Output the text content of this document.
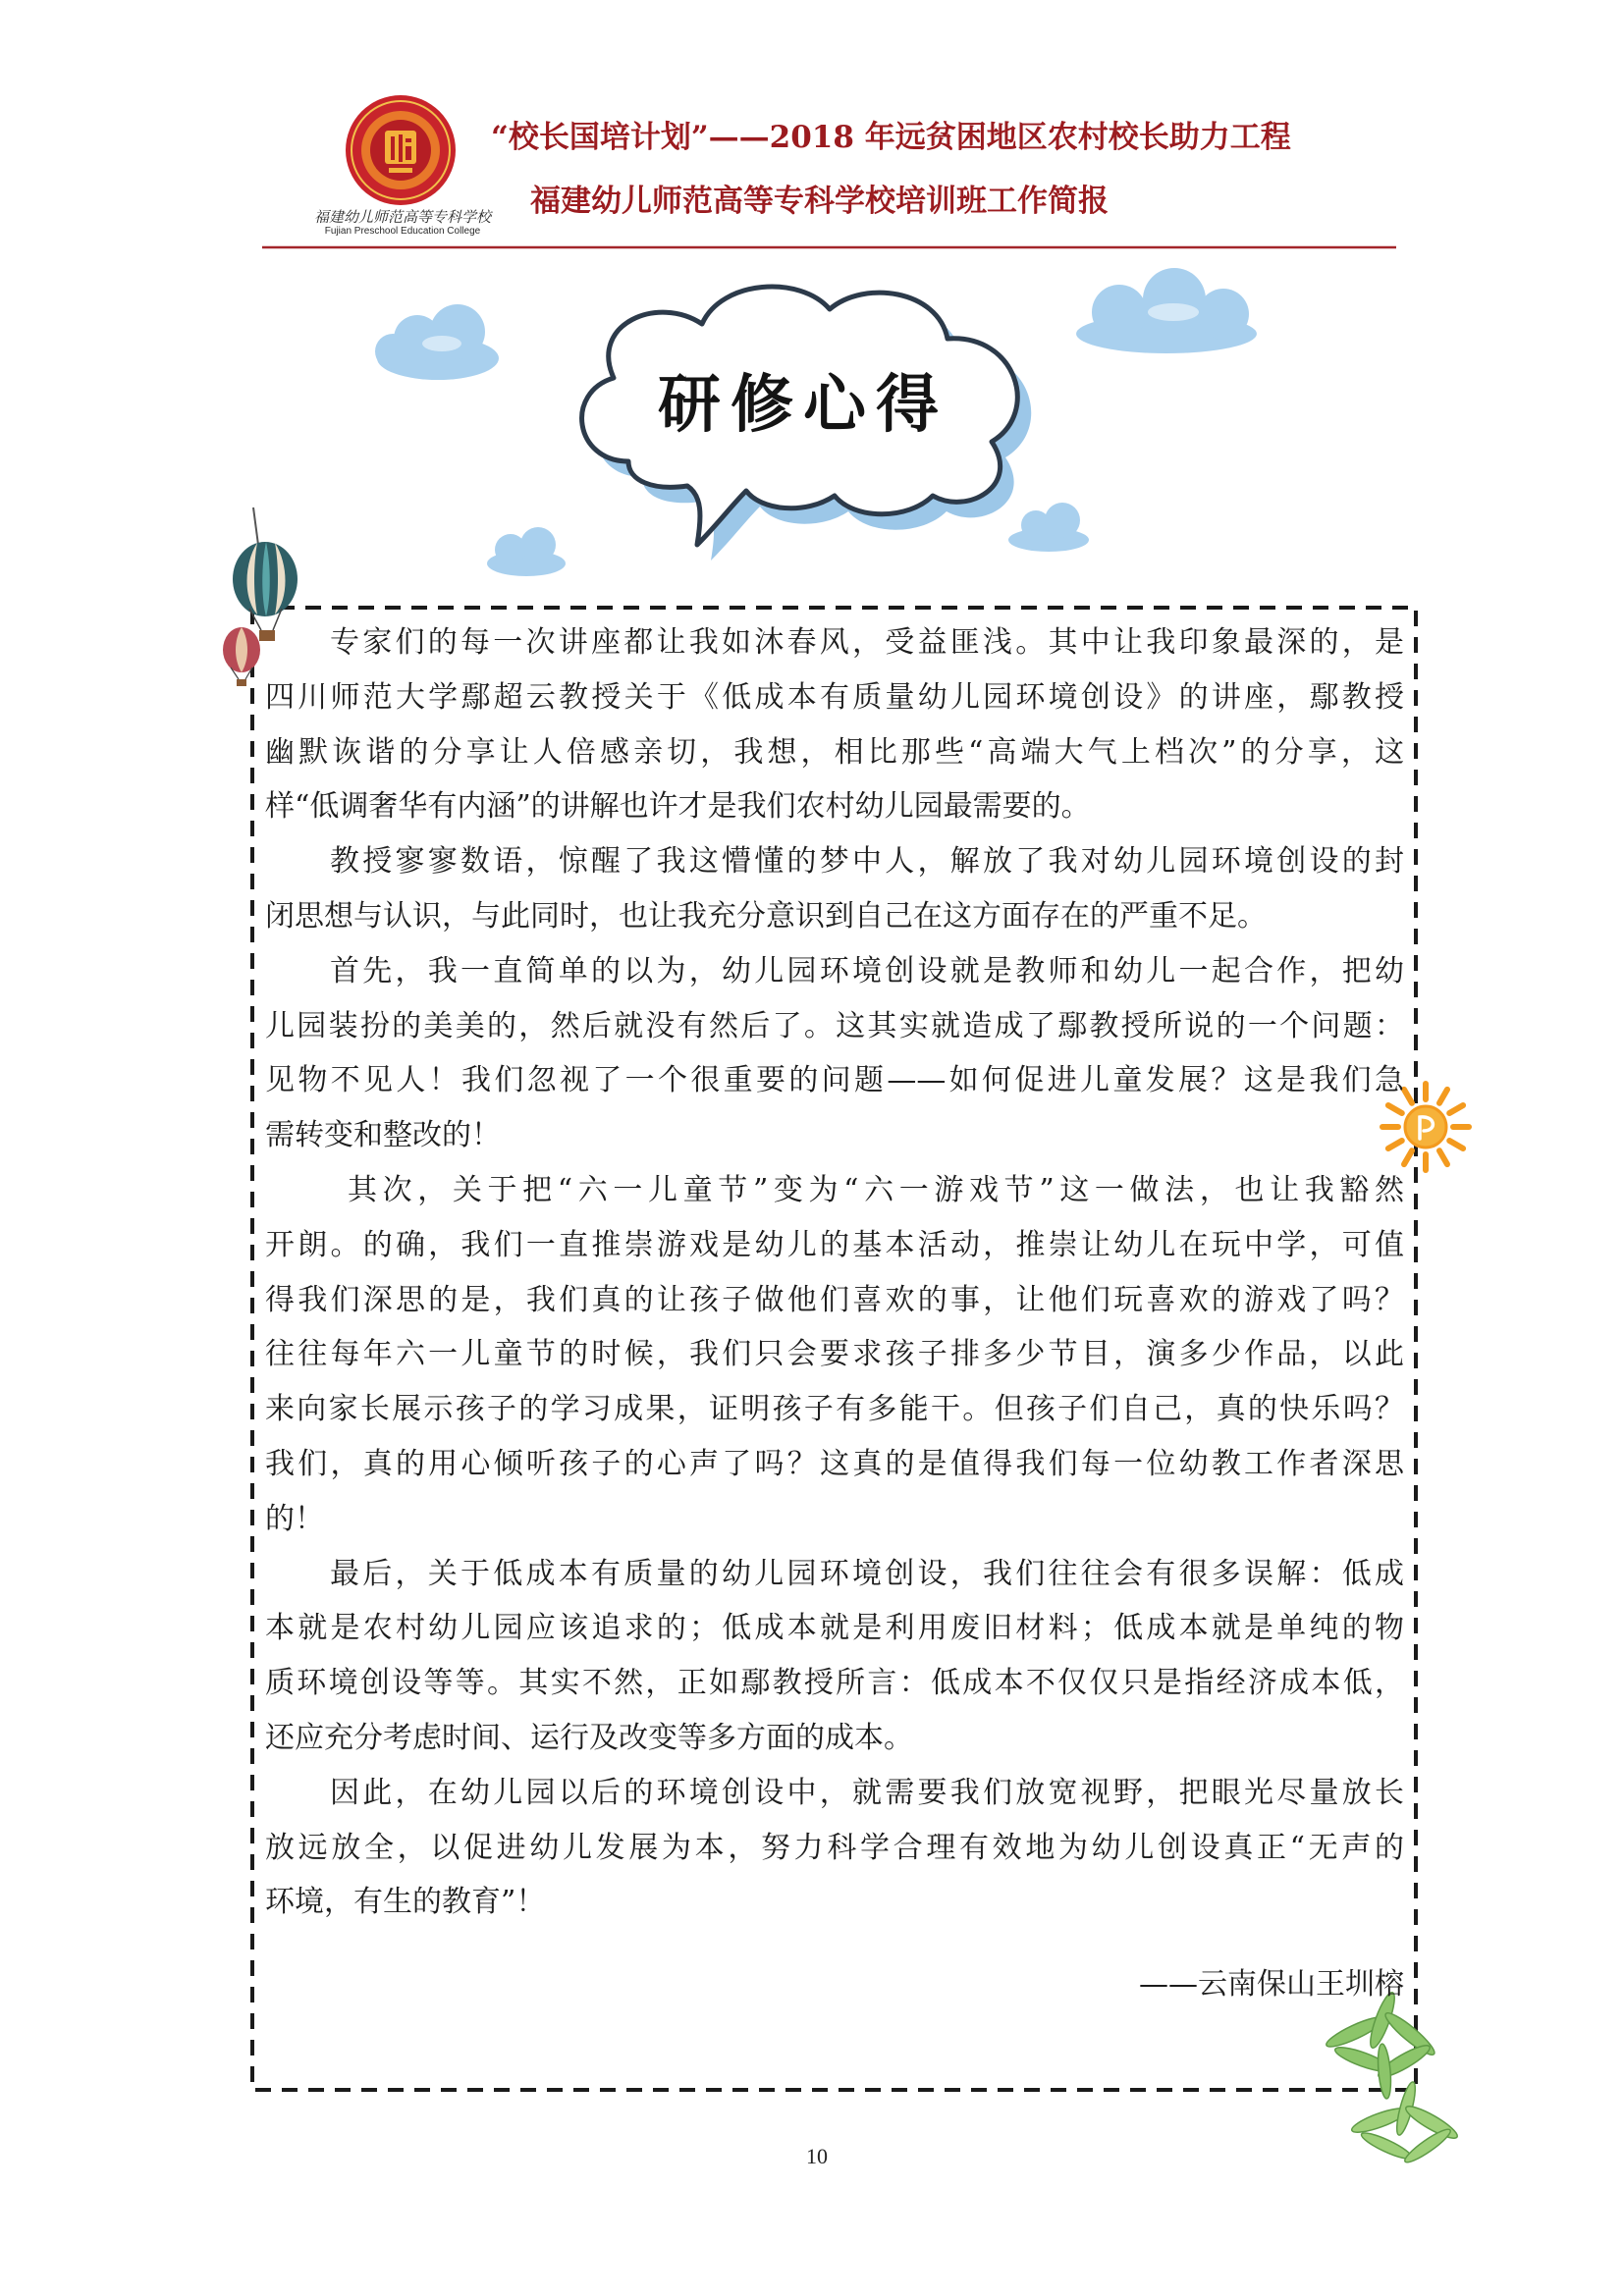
福建幼儿师范高等专科学校
Fujian Preschool Education College
“校长国培计划”——2018 年远贫困地区农村校长助力工程
福建幼儿师范高等专科学校培训班工作简报
研修心得
专家们的每一次讲座都让我如沐春风，受益匪浅。其中让我印象最深的，是
四川师范大学鄢超云教授关于《低成本有质量幼儿园环境创设》的讲座，鄢教授
幽默诙谐的分享让人倍感亲切，我想，相比那些“高端大气上档次”的分享，这
样“低调奢华有内涵”的讲解也许才是我们农村幼儿园最需要的。
教授寥寥数语，惊醒了我这懵懂的梦中人，解放了我对幼儿园环境创设的封
闭思想与认识，与此同时，也让我充分意识到自己在这方面存在的严重不足。
首先，我一直简单的以为，幼儿园环境创设就是教师和幼儿一起合作，把幼
儿园装扮的美美的，然后就没有然后了。这其实就造成了鄢教授所说的一个问题：
见物不见人！我们忽视了一个很重要的问题——如何促进儿童发展？这是我们急
需转变和整改的！
其次，关于把“六一儿童节”变为“六一游戏节”这一做法，也让我豁然
开朗。的确，我们一直推崇游戏是幼儿的基本活动，推崇让幼儿在玩中学，可值
得我们深思的是，我们真的让孩子做他们喜欢的事，让他们玩喜欢的游戏了吗？
往往每年六一儿童节的时候，我们只会要求孩子排多少节目，演多少作品，以此
来向家长展示孩子的学习成果，证明孩子有多能干。但孩子们自己，真的快乐吗？
我们，真的用心倾听孩子的心声了吗？这真的是值得我们每一位幼教工作者深思
的！
最后，关于低成本有质量的幼儿园环境创设，我们往往会有很多误解：低成
本就是农村幼儿园应该追求的；低成本就是利用废旧材料；低成本就是单纯的物
质环境创设等等。其实不然，正如鄢教授所言：低成本不仅仅只是指经济成本低，
还应充分考虑时间、运行及改变等多方面的成本。
因此，在幼儿园以后的环境创设中，就需要我们放宽视野，把眼光尽量放长
放远放全，以促进幼儿发展为本，努力科学合理有效地为幼儿创设真正“无声的
环境，有生的教育”！
——云南保山王圳榕
10
